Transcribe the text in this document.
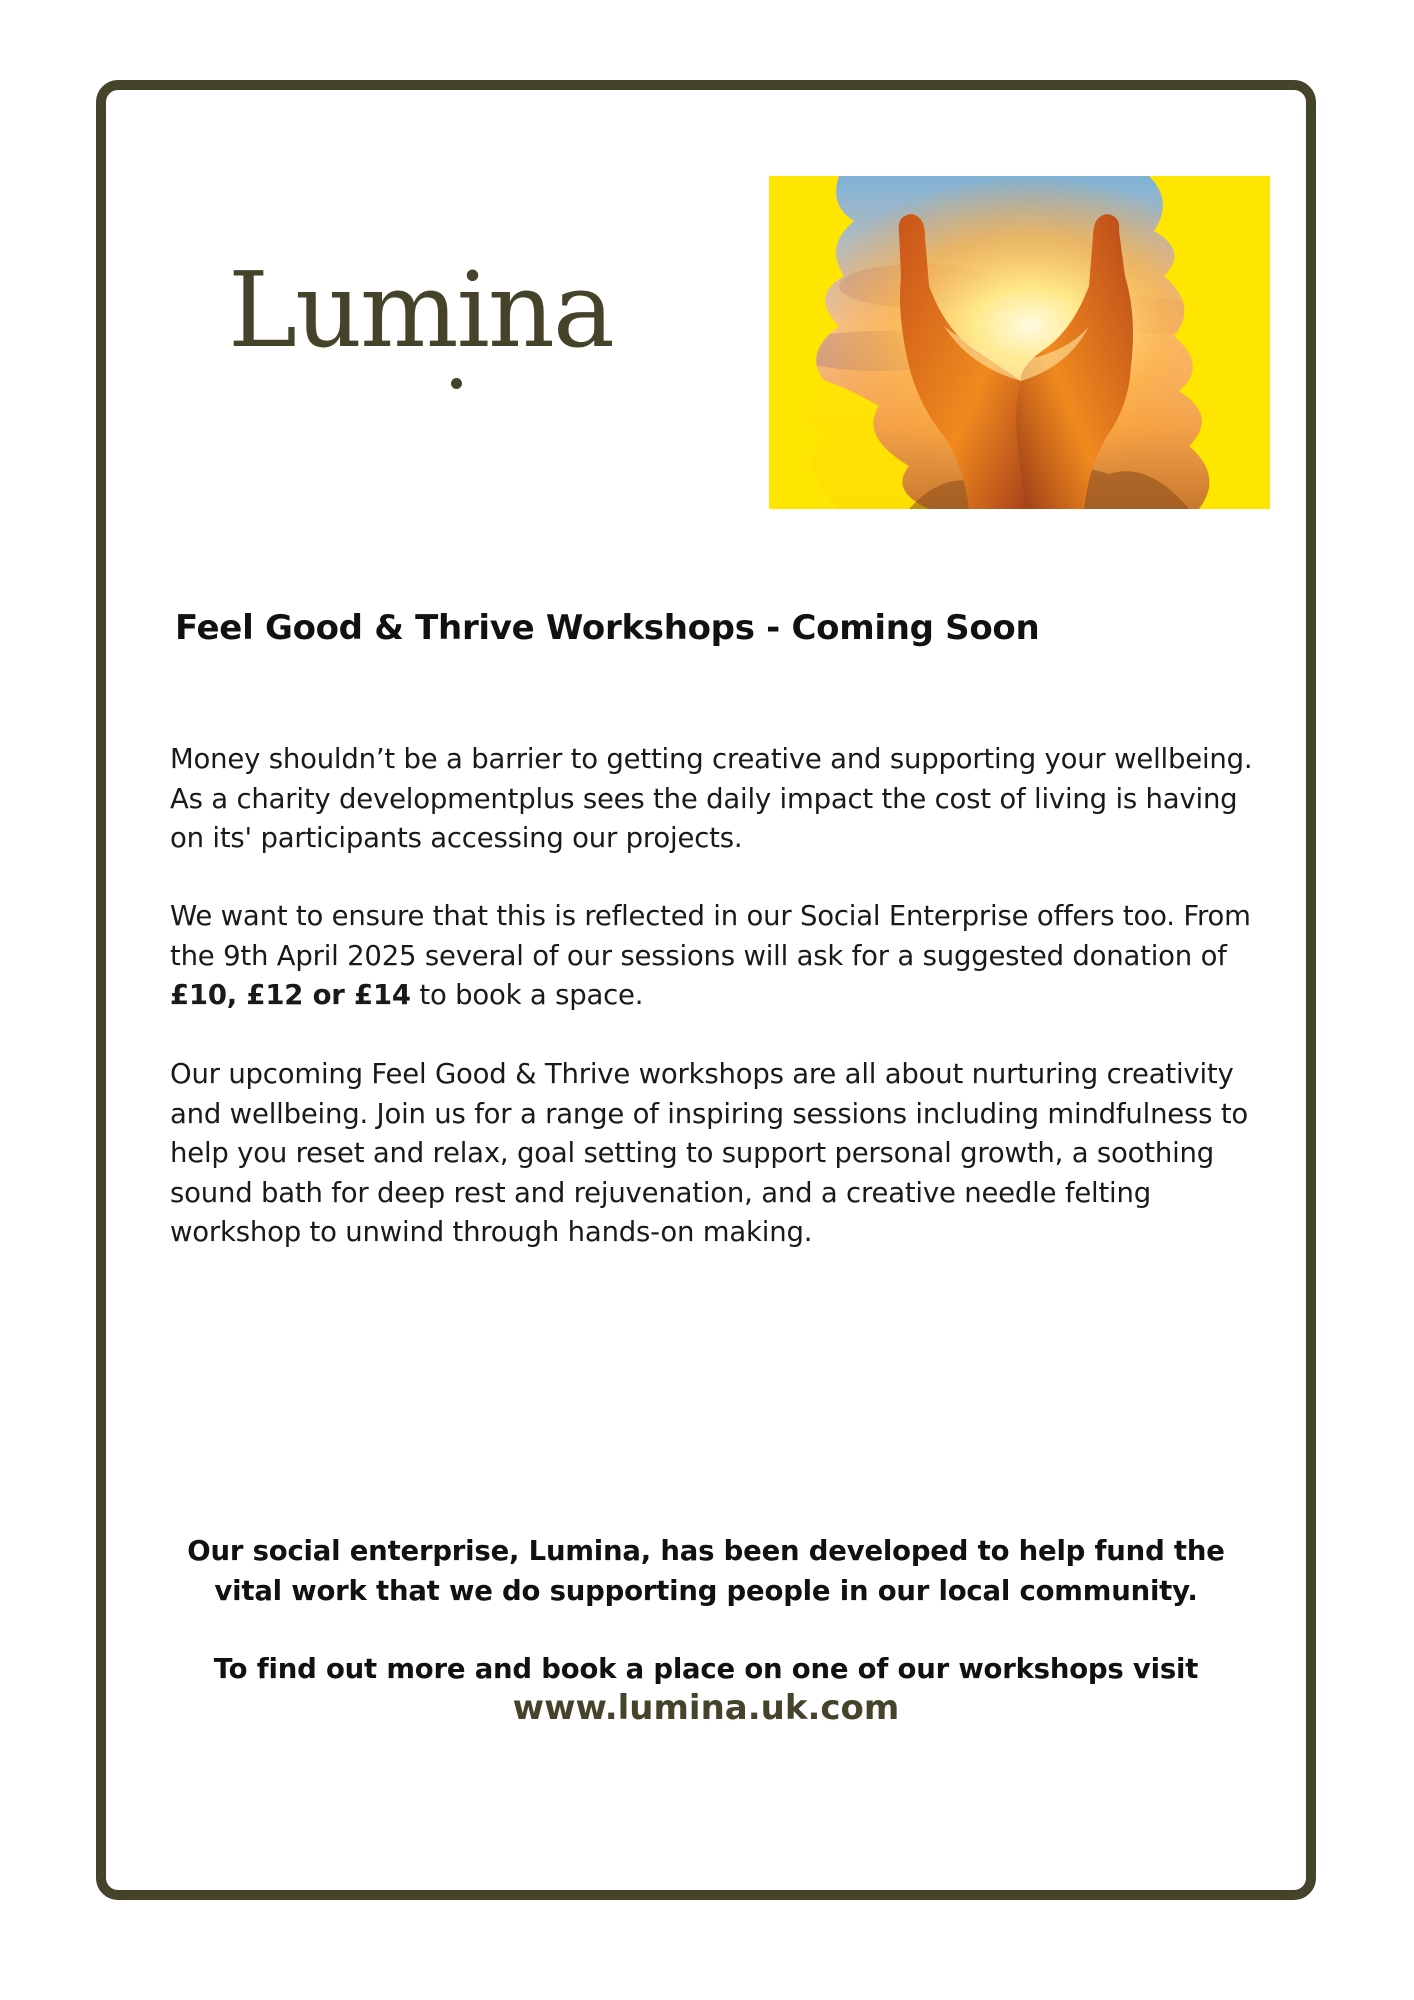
Lumina
Feel Good & Thrive Workshops - Coming Soon
Money shouldn’t be a barrier to getting creative and supporting your wellbeing.
As a charity developmentplus sees the daily impact the cost of living is having
on its' participants accessing our projects.
We want to ensure that this is reflected in our Social Enterprise offers too. From
the 9th April 2025 several of our sessions will ask for a suggested donation of
£10, £12 or £14 to book a space.
Our upcoming Feel Good & Thrive workshops are all about nurturing creativity
and wellbeing. Join us for a range of inspiring sessions including mindfulness to
help you reset and relax, goal setting to support personal growth, a soothing
sound bath for deep rest and rejuvenation, and a creative needle felting
workshop to unwind through hands-on making.
Our social enterprise, Lumina, has been developed to help fund the
vital work that we do supporting people in our local community.
To find out more and book a place on one of our workshops visit
www.lumina.uk.com
